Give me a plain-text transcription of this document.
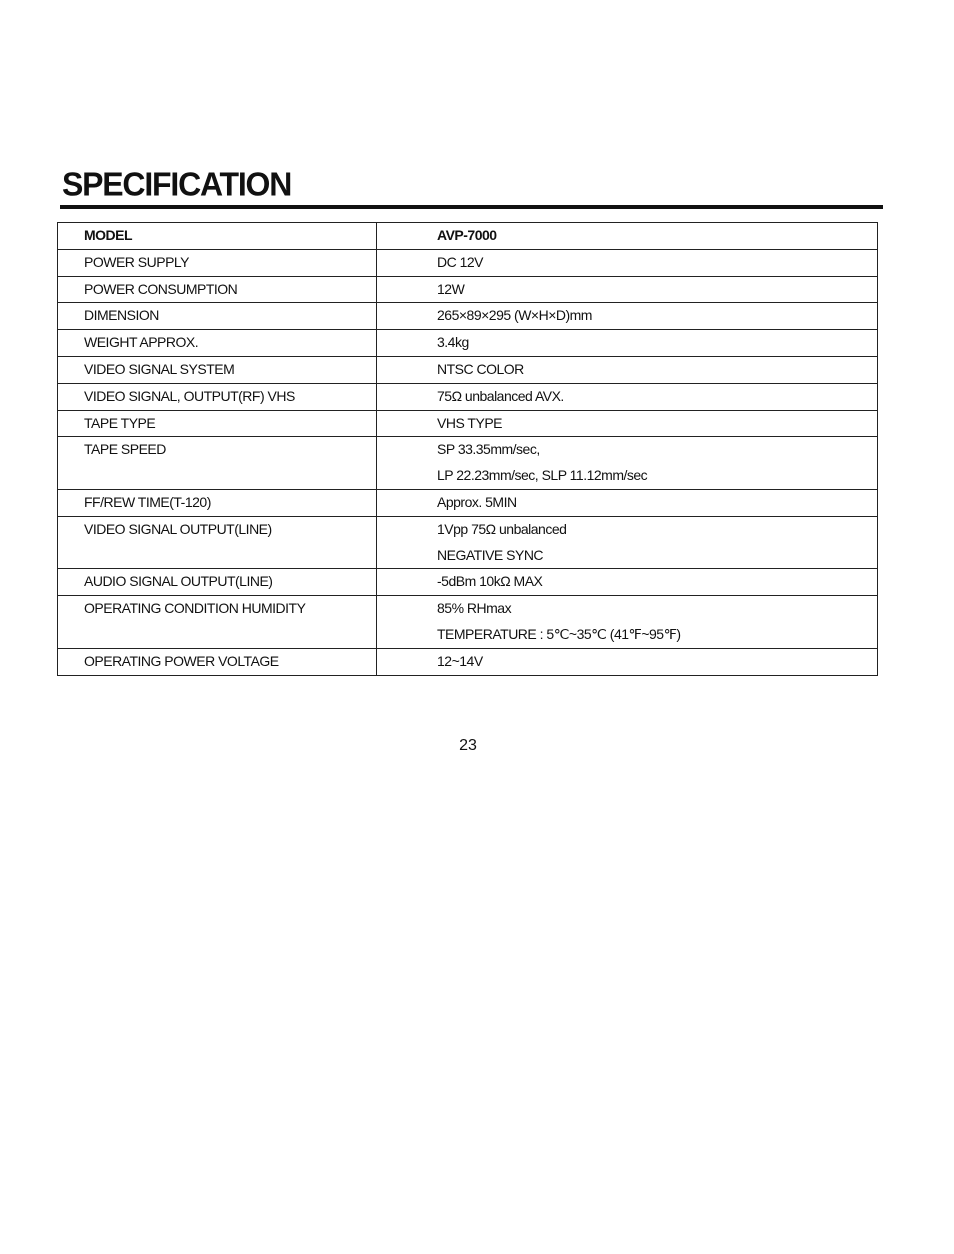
SPECIFICATION
MODEL	AVP-7000

POWER SUPPLY	DC 12V

POWER CONSUMPTION	12W

DIMENSION	265×89×295 (W×H×D)mm

WEIGHT APPROX.	3.4kg

VIDEO SIGNAL SYSTEM	NTSC COLOR

VIDEO SIGNAL, OUTPUT(RF) VHS	75Ω unbalanced AVX.

TAPE TYPE	VHS TYPE

TAPE SPEED	SP 33.35mm/sec,
LP 22.23mm/sec, SLP 11.12mm/sec

FF/REW TIME(T-120)	Approx. 5MIN

VIDEO SIGNAL OUTPUT(LINE)	1Vpp 75Ω unbalanced
NEGATIVE SYNC

AUDIO SIGNAL OUTPUT(LINE)	-5dBm 10kΩ MAX

OPERATING CONDITION HUMIDITY	85% RHmax
TEMPERATURE : 5℃~35℃ (41℉~95℉)

OPERATING POWER VOLTAGE	12~14V
23
